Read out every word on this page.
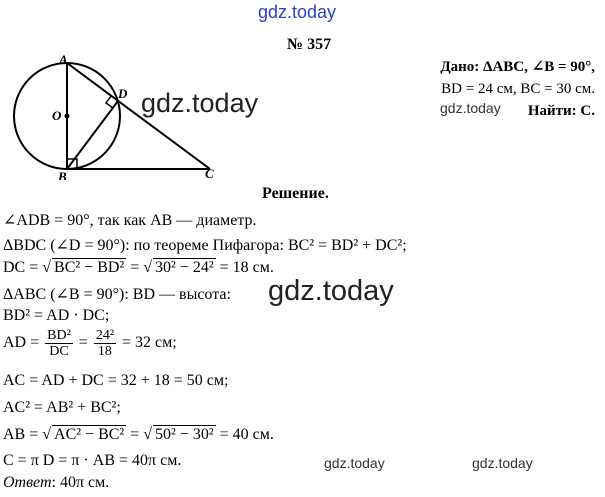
gdz.today
gdz.today	gdz.today
gdz.today
gdz.today	gdz.today
№ 357
Дано: ΔABC, ∠B = 90°,
BD = 24 см, BC = 30 см.
Найти: C.
A
B	C
D
O
Решение.
∠ADB = 90°, так как AB — диаметр.
ΔBDC (∠D = 90°): по теореме Пифагора: BC² = BD² + DC²;
DC = √ BC² − BD² = √ 30² − 24² = 18 см.
ΔABC (∠B = 90°): BD — высота:
BD² = AD · DC;
AD = $\frac{\text{BD²}}{DC} = \frac{\text{24²}}{18} = 32$ см;
AC = AD + DC = 32 + 18 = 50 см;
AC² = AB² + BC²;
AB = √ AC² − BC² = √ 50² − 30² = 40 см.
C = π D = π · AB = 40π см.
Ответ: 40π см.
